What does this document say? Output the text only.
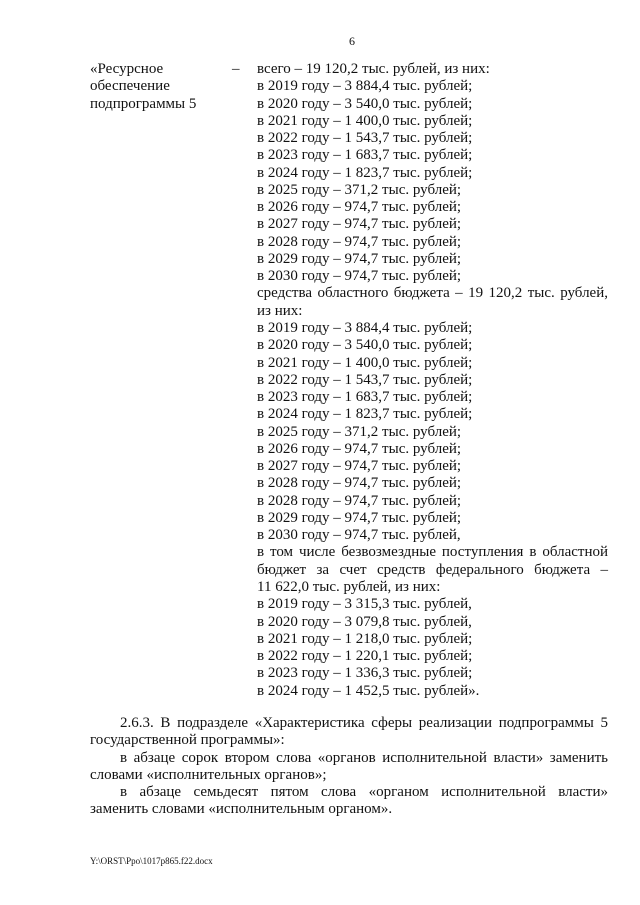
6
«Ресурсное
обеспечение
подпрограммы 5
– всего – 19 120,2 тыс. рублей, из них:
в 2019 году – 3 884,4 тыс. рублей;
в 2020 году – 3 540,0 тыс. рублей;
в 2021 году – 1 400,0 тыс. рублей;
в 2022 году – 1 543,7 тыс. рублей;
в 2023 году – 1 683,7 тыс. рублей;
в 2024 году – 1 823,7 тыс. рублей;
в 2025 году – 371,2 тыс. рублей;
в 2026 году – 974,7 тыс. рублей;
в 2027 году – 974,7 тыс. рублей;
в 2028 году – 974,7 тыс. рублей;
в 2029 году – 974,7 тыс. рублей;
в 2030 году – 974,7 тыс. рублей;
средства областного бюджета – 19 120,2 тыс. рублей,
из них:
в 2019 году – 3 884,4 тыс. рублей;
в 2020 году – 3 540,0 тыс. рублей;
в 2021 году – 1 400,0 тыс. рублей;
в 2022 году – 1 543,7 тыс. рублей;
в 2023 году – 1 683,7 тыс. рублей;
в 2024 году – 1 823,7 тыс. рублей;
в 2025 году – 371,2 тыс. рублей;
в 2026 году – 974,7 тыс. рублей;
в 2027 году – 974,7 тыс. рублей;
в 2028 году – 974,7 тыс. рублей;
в 2028 году – 974,7 тыс. рублей;
в 2029 году – 974,7 тыс. рублей;
в 2030 году – 974,7 тыс. рублей,
в том числе безвозмездные поступления в областной
бюджет за счет средств федерального бюджета –
11 622,0 тыс. рублей, из них:
в 2019 году – 3 315,3 тыс. рублей,
в 2020 году – 3 079,8 тыс. рублей,
в 2021 году – 1 218,0 тыс. рублей;
в 2022 году – 1 220,1 тыс. рублей;
в 2023 году – 1 336,3 тыс. рублей;
в 2024 году – 1 452,5 тыс. рублей».
2.6.3. В подразделе «Характеристика сферы реализации подпрограммы 5
государственной программы»:
в абзаце сорок втором слова «органов исполнительной власти» заменить
словами «исполнительных органов»;
в абзаце семьдесят пятом слова «органом исполнительной власти»
заменить словами «исполнительным органом».
Y:\ORST\Ppo\1017p865.f22.docx
